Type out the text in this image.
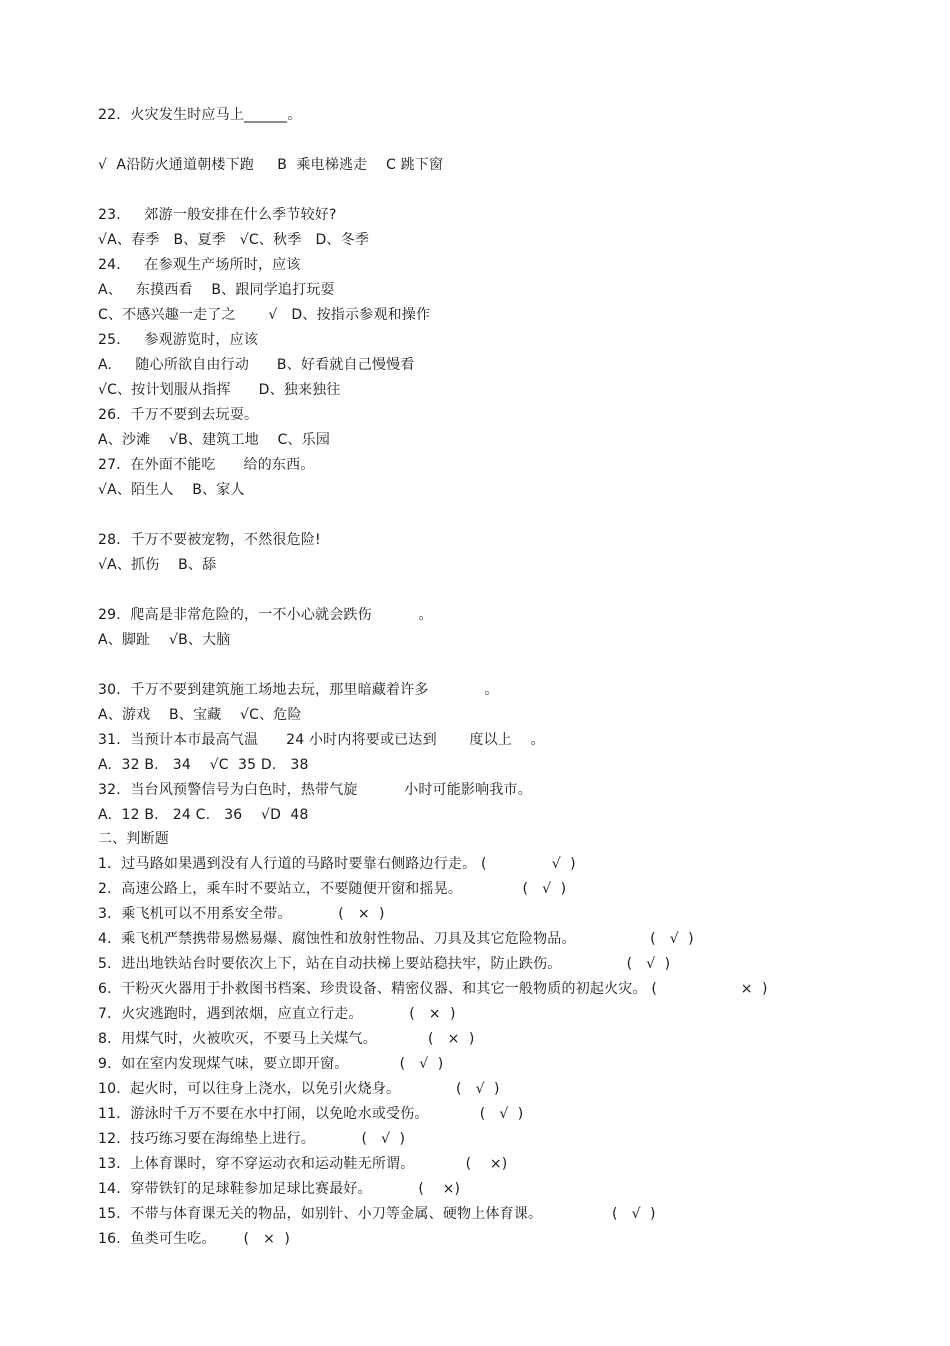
22．火灾发生时应马上______。
√  A沿防火通道朝楼下跑     B  乘电梯逃走    C 跳下窗
23．   郊游一般安排在什么季节较好?
√A、春季   B、夏季   √C、秋季   D、冬季
24．   在参观生产场所时，应该
A、   东摸西看    B、跟同学追打玩耍
C、不感兴趣一走了之       √   D、按指示参观和操作
25．   参观游览时，应该
A.     随心所欲自由行动      B、好看就自己慢慢看
√C、按计划服从指挥      D、独来独往
26．千万不要到去玩耍。
A、沙滩    √B、建筑工地    C、乐园
27．在外面不能吃      给的东西。
√A、陌生人    B、家人
28．千万不要被宠物，不然很危险!
√A、抓伤    B、舔
29．爬高是非常危险的，一不小心就会跌伤          。
A、脚趾    √B、大脑
30．千万不要到建筑施工场地去玩，那里暗藏着许多            。
A、游戏    B、宝藏    √C、危险
31．当预计本市最高气温      24 小时内将要或已达到       度以上    。
A.  32 B.   34    √C  35 D.   38
32．当台风预警信号为白色时，热带气旋          小时可能影响我市。
A.  12 B.   24 C.   36    √D  48
二、判断题
1．过马路如果遇到没有人行道的马路时要靠右侧路边行走。 (              √  )
2．高速公路上，乘车时不要站立，不要随便开窗和摇晃。             (   √  )
3．乘飞机可以不用系安全带。          (   ×  )
4．乘飞机严禁携带易燃易爆、腐蚀性和放射性物品、刀具及其它危险物品。                (   √  )
5．进出地铁站台时要依次上下，站在自动扶梯上要站稳扶牢，防止跌伤。              (   √  )
6．干粉灭火器用于扑救图书档案、珍贵设备、精密仪器、和其它一般物质的初起火灾。 (                  ×  )
7．火灾逃跑时，遇到浓烟，应直立行走。          (   ×  )
8．用煤气时，火被吹灭，不要马上关煤气。           (   ×  )
9．如在室内发现煤气味，要立即开窗。           (   √  )
10．起火时，可以往身上浇水，以免引火烧身。            (   √  )
11．游泳时千万不要在水中打闹，以免呛水或受伤。           (   √  )
12．技巧练习要在海绵垫上进行。          (   √  )
13．上体育课时，穿不穿运动衣和运动鞋无所谓。           (    ×)
14．穿带铁钉的足球鞋参加足球比赛最好。          (    ×)
15．不带与体育课无关的物品，如别针、小刀等金属、硬物上体育课。               (   √  )
16．鱼类可生吃。      (   ×  )
